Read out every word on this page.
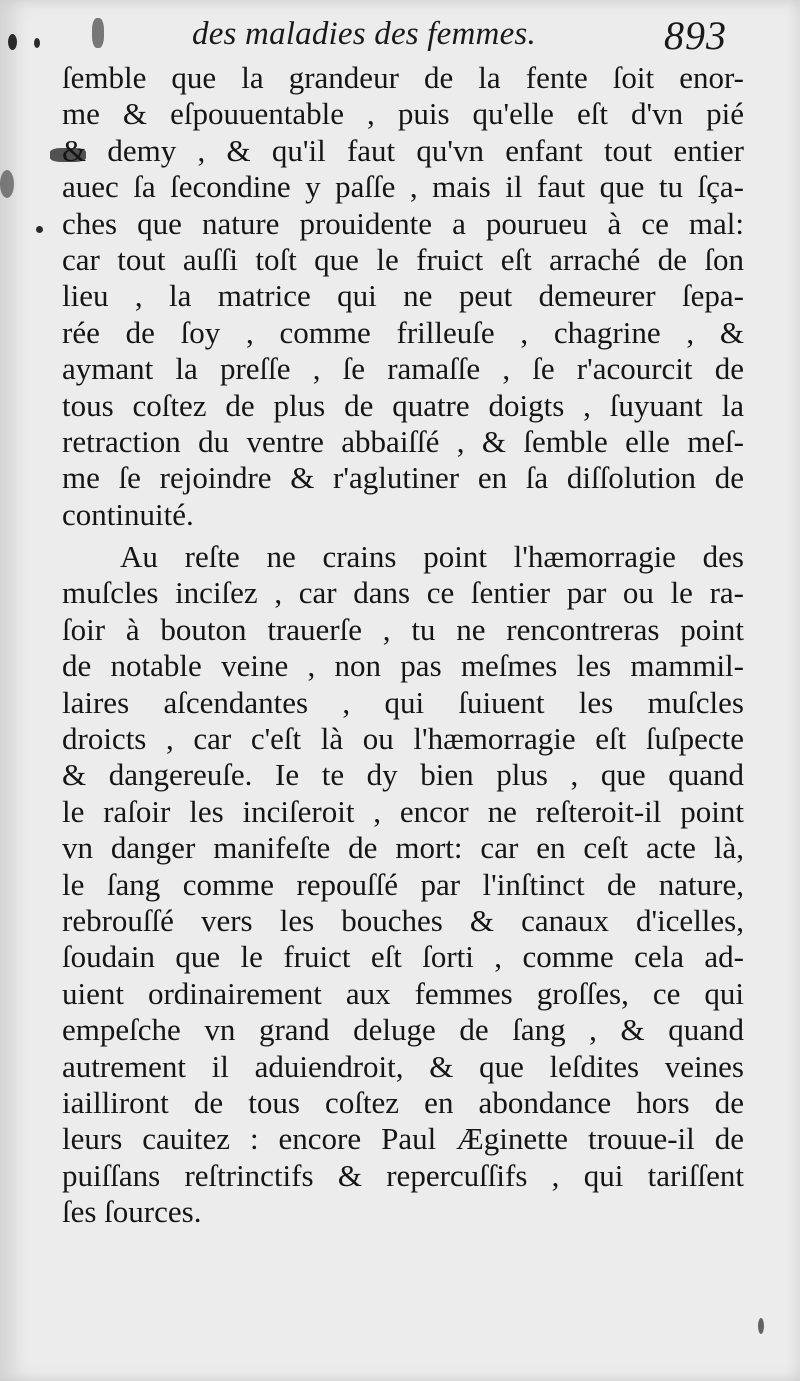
des maladies des femmes.	893
ſemble que la grandeur de la fente ſoit enor-
me & eſpouuentable , puis qu'elle eſt d'vn pié
& demy , & qu'il faut qu'vn enfant tout entier
auec ſa ſecondine y paſſe , mais il faut que tu ſça-
ches que nature prouidente a pourueu à ce mal:
car tout auſſi toſt que le fruict eſt arraché de ſon
lieu , la matrice qui ne peut demeurer ſepa-
rée de ſoy , comme frilleuſe , chagrine , &
aymant la preſſe , ſe ramaſſe , ſe r'acourcit de
tous coſtez de plus de quatre doigts , ſuyuant la
retraction du ventre abbaiſſé , & ſemble elle meſ-
me ſe rejoindre & r'aglutiner en ſa diſſolution de
continuité.
Au reſte ne crains point l'hæmorragie des
muſcles inciſez , car dans ce ſentier par ou le ra-
ſoir à bouton trauerſe , tu ne rencontreras point
de notable veine , non pas meſmes les mammil-
laires aſcendantes , qui ſuiuent les muſcles
droicts , car c'eſt là ou l'hæmorragie eſt ſuſpecte
& dangereuſe. Ie te dy bien plus , que quand
le raſoir les inciſeroit , encor ne reſteroit-il point
vn danger manifeſte de mort: car en ceſt acte là,
le ſang comme repouſſé par l'inſtinct de nature,
rebrouſſé vers les bouches & canaux d'icelles,
ſoudain que le fruict eſt ſorti , comme cela ad-
uient ordinairement aux femmes groſſes, ce qui
empeſche vn grand deluge de ſang , & quand
autrement il aduiendroit, & que leſdites veines
iailliront de tous coſtez en abondance hors de
leurs cauitez : encore Paul Æginette trouue-il de
puiſſans reſtrinctifs & repercuſſifs , qui tariſſent
ſes ſources.
